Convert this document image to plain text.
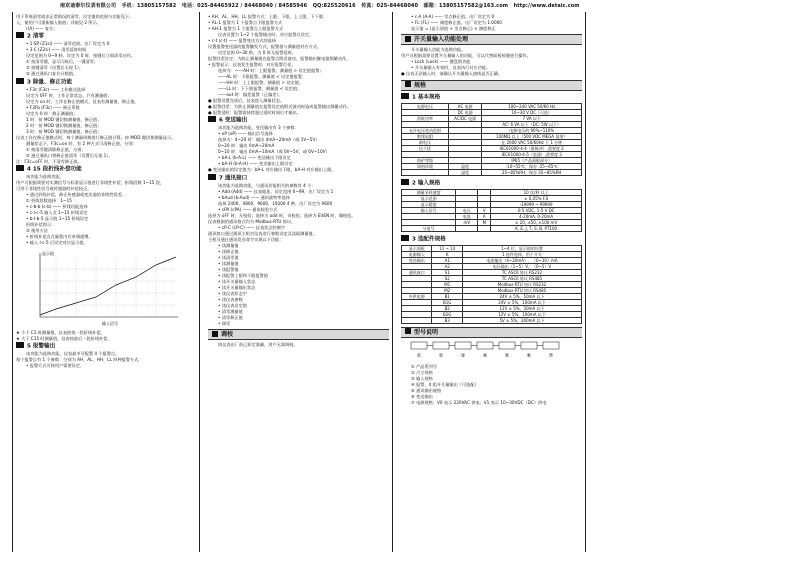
南京迪泰尔仪表有限公司 手机：13805157582 电话：025-84465922 / 84468040 / 84585946 QQ:825520616 传真：025-84468040 邮箱：13805157582@163.com http://www.detaic.com
用于系统清零或非正常情况的清零，设定值的范围与功能见下。
入，使用户可重新输入数值；详细见 2 所示。
r(A) —— 复位；
2 清零
• 1·SP (Z1si) —— 清零范围。出厂设定为 0
• 3·C (Z2si) —— 清零延时时间
设定范围为 0~9 秒。设定为 0 时，按键后立即清零动作。
① 按清零键，显示闪烁后，一键清零。
② 按键清零（设置后无视 1）。
③ 通过通讯口复位计数值。
3 除量、修正功能
• F3c (F3c) —— 工作模式选择
设定为 0FF 时，工作正常状态。只有测量值；
设定为 on 时，工作在修正值模式，仪表有测量值，修正值。
• F3Fb (F3c) —— 修正系数
设定为 0 时：修正测量值；
1 时：按 MOD 键切换测量值，修正值；
2 时：按 MOD 键切换测量值，修正值；
3 时：按 MOD 键切换测量值，修正值；
仪表工作在修正值模式时，每个测量周期进行修正值计算。按 MOD 键切换测量显示。
测量状态下，F3c=on 时，有 2 种方式可清修正值，分别：
① 按清零键清除修正值，分别；
② 通过通讯口将修正值清零（设置后无视 1）。
注：F3c=oFF 时，不清零修正值。
4 15 段折线补偿功能
该功能为选购功能。
用户可根据需要对实测信号与标准显示值进行非线性补偿，折线段数 1~15 段，
可用于非线性信号或传感器的补偿校正。
• 通过折线补偿，修正传感器或变送器的非线性误差。
① 折线段数选择：1~15
• c-b-b (c-b) —— 折线功能选择
• c-l-c-5 输入点 1~15 折线设定
• b-l-b-5 显示值 1~15 折线设定
折线补偿图示：
② 使用方法
• 折线补偿点在量程内应单调递增。
• 输入 l-c-5 后设定对应显示值。
输入信号
显示值
★ 小于 C1 时测量值，仪表按第一段折线补偿。
★ 大于 C15 时测量值，仪表按最后一段折线补偿。
5 报警输出
该功能为选购功能，仪表最多可配置 4 个报警点，
每个报警点有 1 个参数：分别为 AH、AL、HH、LL 四种报警方式，
• 报警方式可按用户需要设定。
• AH、AL、HH、LL 报警方式：上限、下限、上上限、下下限
• AL-1 报警为 1 个报警点下限报警方式
• AH-1 报警为 1 个报警点上限报警方式
仪表设置为 1~2 个报警输出时，对应报警点设定。
• c-t (c-t) —— 报警变送方式的选择
设置报警变送器的报警触发方式，报警值与测量值对应方式。
设定范围 0~30 秒，为 0 时无报警延时。
报警回差设定：为防止测量值在报警点附近波动，报警输出继电器频繁动作。
• 报警显示：仪表发生报警时，对应报警灯亮。
选择为：——AH 时：上限报警。测量值 > 设定值报警；
——AL 时：下限报警。测量值 < 设定值报警；
——HH 时：上上限报警，测量值 > 设定值；
——LL 时：下下限报警，测量值 < 设定值；
——out 时：偏差报警（正偏差）。
● 报警设置完成后，仪表进入测量状态。
● 报警回差：为防止测量值在报警设定值附近波动时造成报警输出频繁动作。
● 报警延时：报警需持续超过延时时间后才输出。
6 变送输出
该功能为选购功能，变送输出有 3 个参数：
• oP (oP) —— 输出信号选择
选择为：4~20 时：输出 4mA~20mA（或 1V~5V）
0~20 时：输出 0mA~20mA
0~10 时：输出 0mA~10mA（或 0V~5V，或 0V~10V）
• bA-L (b-A-L) —— 变送输出下限设定
• bA-H (b-A-H) —— 变送输出上限设定
● 变送输出的设定值为：bA-L 对应输出下限，bA-H 对应输出上限。
7 通讯接口
该功能为选购功能，与通讯功能相关的参数有 4 个：
• Add (Add) —— 仪表地址。设定范围 0~99，出厂设定为 1
• bAud (b-Aud) —— 通讯波特率选择
选择 2400、4800、9600、19200 4 种，出厂设定为 9600
• cPA (cPA) —— 通讯校验方式
选择为 oFF 时，无校验；选择为 odd 时，奇校验；选择为 EVEN 时，偶校验。
仪表数据的通讯格式均为 Modbus-RTU 协议。
• cP-C (cP-C) —— 仪表状态控制字
通讯接口通过通讯主机对仪表进行参数设定及读取测量值。
主机可通过通讯发送命令实现以下功能：
• 读测量值
• 读修正值
• 读清零值
• 读测量值
• 读报警值
• 读报警上限和下限报警值
• 读开关量输入状态
• 读开关量输出状态
• 读仪表状态字
• 读仪表参数
• 读仪表设定值
• 清零测量值
• 清零修正值
• 调零
调校
请仪表出厂前已标定准确，用户无需调校。
• c-A (A-A) —— 零点修正值。出厂设定为 0
• FL (FL) —— 满度修正值。出厂设定为 1.0000
显示值 = (显示原值 + 零点修正) × 满度修正
开关量输入功能处理
开关量输入功能为选购功能。
用户可根据需要设置开关量输入的功能，可以代替面板按键进行操作。
• Lock (Lock) —— 键盘锁功能
• 开关量输入有效时，仪表执行对应功能。
● 仪表无法输入时，请确认开关量输入接线是否正确。
规格
1 基本规格
电源电压	AC 电源	100~240 VAC 50/60 Hz
	DC 电源	10~30 V DC（可选）
消耗功率	AC/DC 电源	7 VA 以下
		AC: 6 VA 以下（DC: 5W 以下）
允许电压变动范围		电源电压的 90%~110%
绝缘电阻		100MΩ 以上（500 VDC MEGA 基准）
耐电压		在 2000 VAC 50/60Hz 下 1 分钟
抗干扰		IEC61000-4-4（群脉冲）,重要度 2
		IEC61000-4-5（浪涌）,重要度 3
防护等级		IP65（产品面板部分）
周围环境	温度	-10~55℃，保存 -25~65℃
	湿度	35~85%RH，保存 35~85%RH
2 输入规格
测量采样速度			10 次/秒 以上
显示范围			± 0.05% F.S
显示精度			-19999 ~ 99999
输入信号	电压	V	0-5 VDC, 1-5 V DC
	电流	A	4-20mA, 0-20mA
	mV	M	± 20, ±50, ±100 mV
分度号			K, E, J, T, S, B, PT100
3 选配件规格
显示面板	11 ~ 14	1~4 位，显示值的设置
电源输入	K	1 选件选择，用于开关
变送输出	A1	电流输出（4~20mA）、（0~10）mA
	A2	电压输出（1~5）V、（0~5）V
通讯接口	S1	TC ASCII 协议 RS232
	S2	TC ASCII 协议 RS485
	M1	Modbus-RTU 协议 RS232
	M2	Modbus-RTU 协议 RS485
外供电源	B1	24V ± 5%，50mA 以下
	B1G	24V ± 5%，100mA 以下
	B2	12V ± 5%，50mA 以下
	B2G	12V ± 5%，100mA 以下
	B3	5V ± 5%，100mA 以下
型号说明
①	②	③	④	⑤	⑥	⑦
① 产品系列号
② 尺寸规格
③ 输入规格
④ 报警、4 组开关量输出（可选配）
⑤ 通讯输出规格
⑥ 变送输出
⑦ 电源规格：V0 表示 220VAC 供电；V1 表示 10~30VDC（DC）供电
